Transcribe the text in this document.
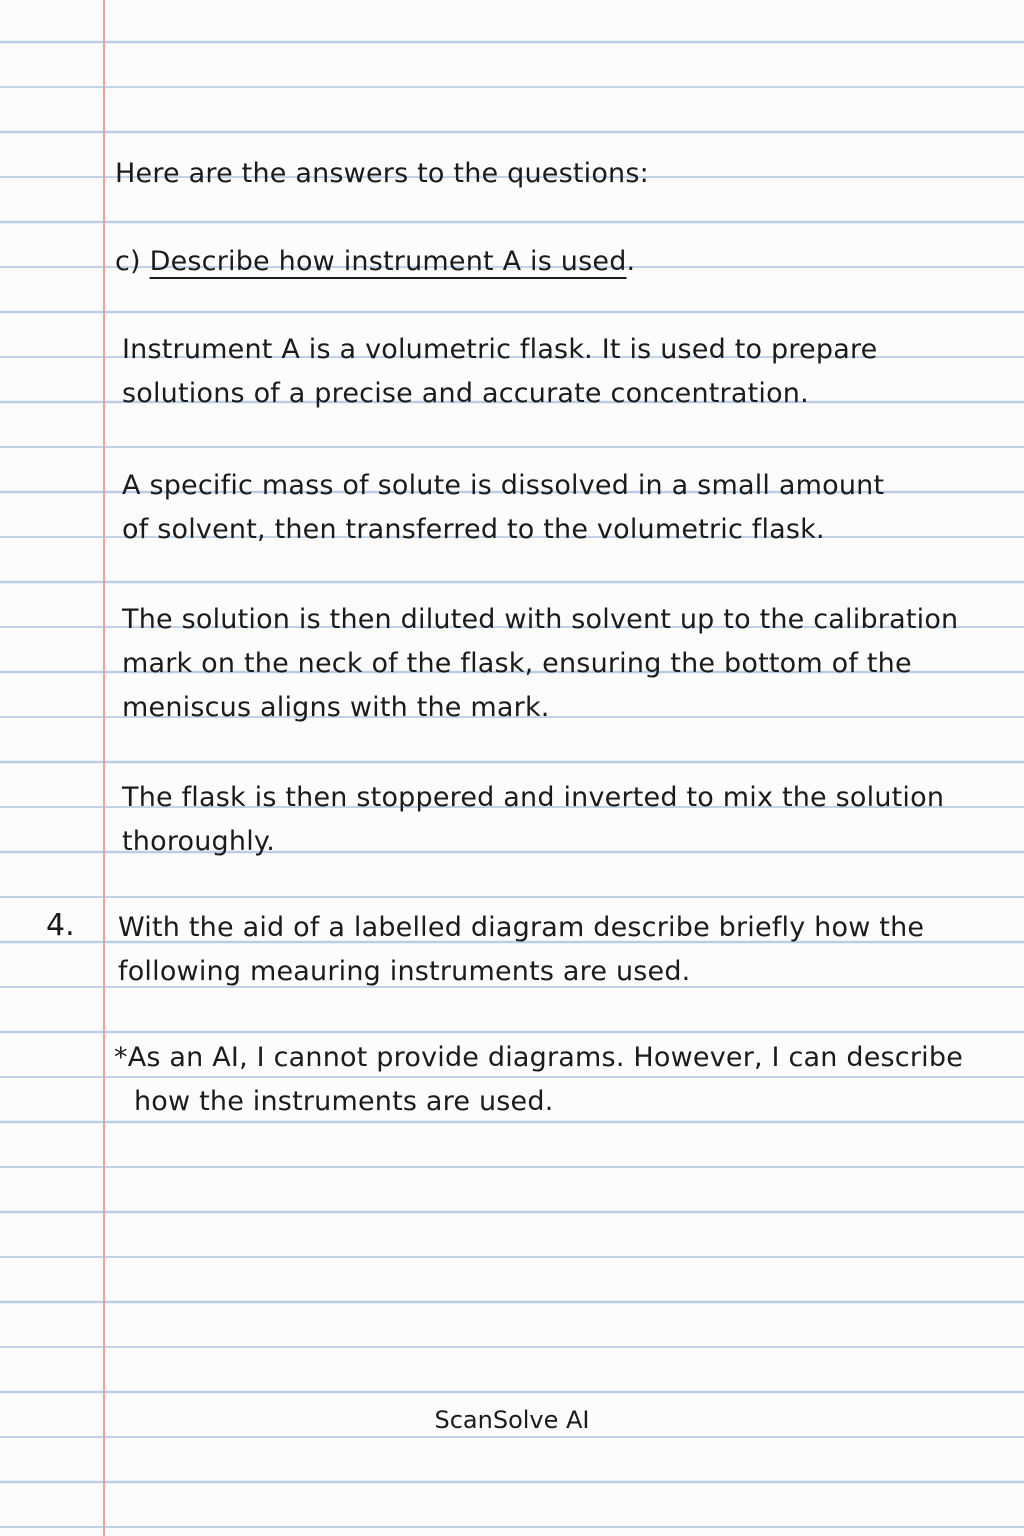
Here are the answers to the questions:

c) Describe how instrument A is used.

Instrument A is a volumetric flask. It is used to prepare
solutions of a precise and accurate concentration.
A specific mass of solute is dissolved in a small amount
of solvent, then transferred to the volumetric flask.
The solution is then diluted with solvent up to the calibration
mark on the neck of the flask, ensuring the bottom of the
meniscus aligns with the mark.
The flask is then stoppered and inverted to mix the solution
thoroughly.

4. With the aid of a labelled diagram describe briefly how the
following meauring instruments are used.
*As an AI, I cannot provide diagrams. However, I can describe
how the instruments are used.

ScanSolve AI
